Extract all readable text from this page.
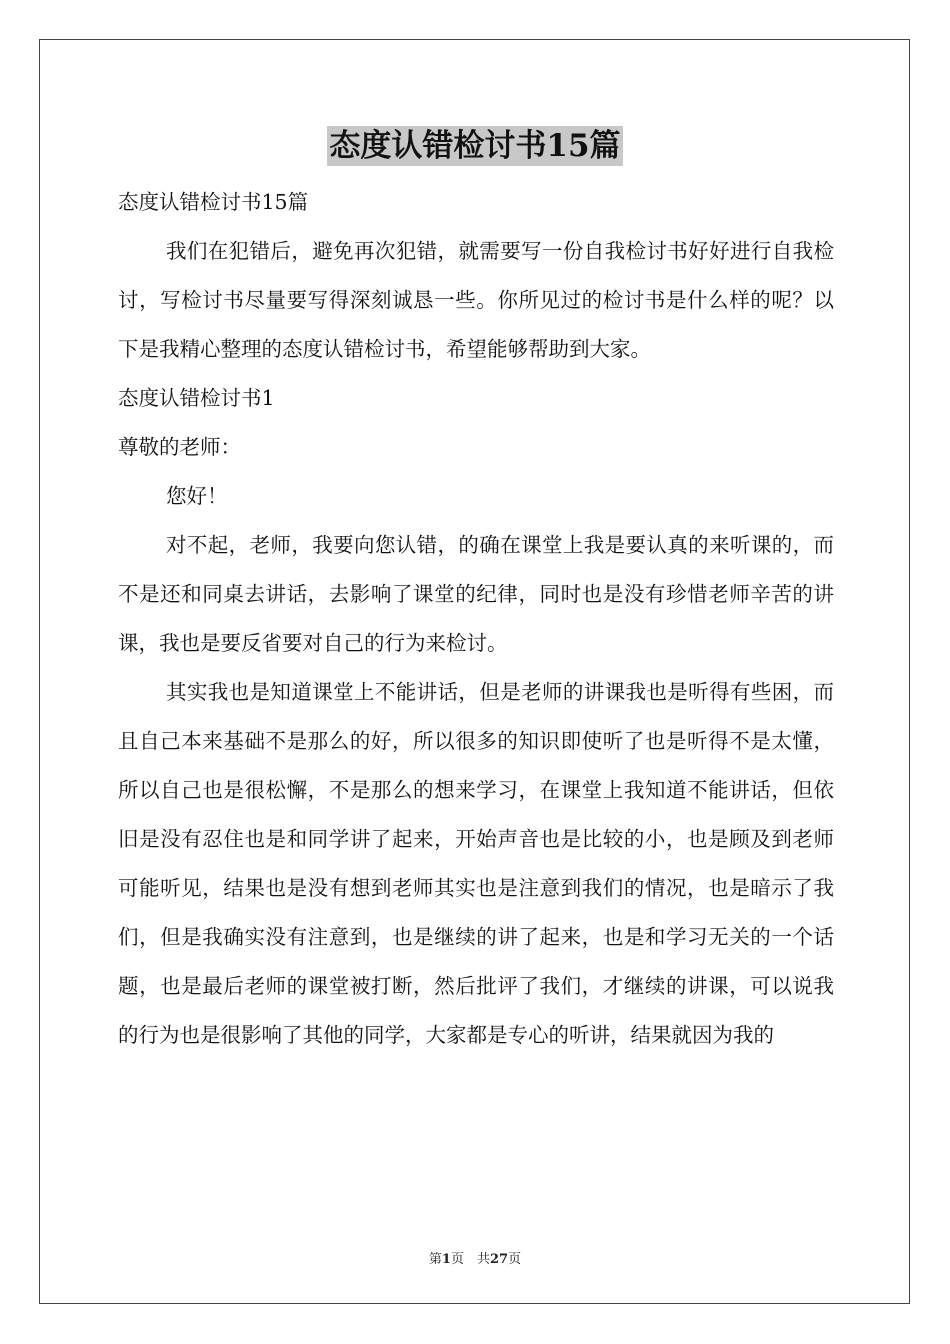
态度认错检讨书15篇

态度认错检讨书15篇

我们在犯错后，避免再次犯错，就需要写一份自我检讨书好好进行自我检讨，写检讨书尽量要写得深刻诚恳一些。你所见过的检讨书是什么样的呢？以下是我精心整理的态度认错检讨书，希望能够帮助到大家。

态度认错检讨书1

尊敬的老师：

您好！

对不起，老师，我要向您认错，的确在课堂上我是要认真的来听课的，而不是还和同桌去讲话，去影响了课堂的纪律，同时也是没有珍惜老师辛苦的讲课，我也是要反省要对自己的行为来检讨。

其实我也是知道课堂上不能讲话，但是老师的讲课我也是听得有些困，而且自己本来基础不是那么的好，所以很多的知识即使听了也是听得不是太懂，所以自己也是很松懈，不是那么的想来学习，在课堂上我知道不能讲话，但依旧是没有忍住也是和同学讲了起来，开始声音也是比较的小，也是顾及到老师可能听见，结果也是没有想到老师其实也是注意到我们的情况，也是暗示了我们，但是我确实没有注意到，也是继续的讲了起来，也是和学习无关的一个话题，也是最后老师的课堂被打断，然后批评了我们，才继续的讲课，可以说我的行为也是很影响了其他的同学，大家都是专心的听讲，结果就因为我的

第1页　共27页
